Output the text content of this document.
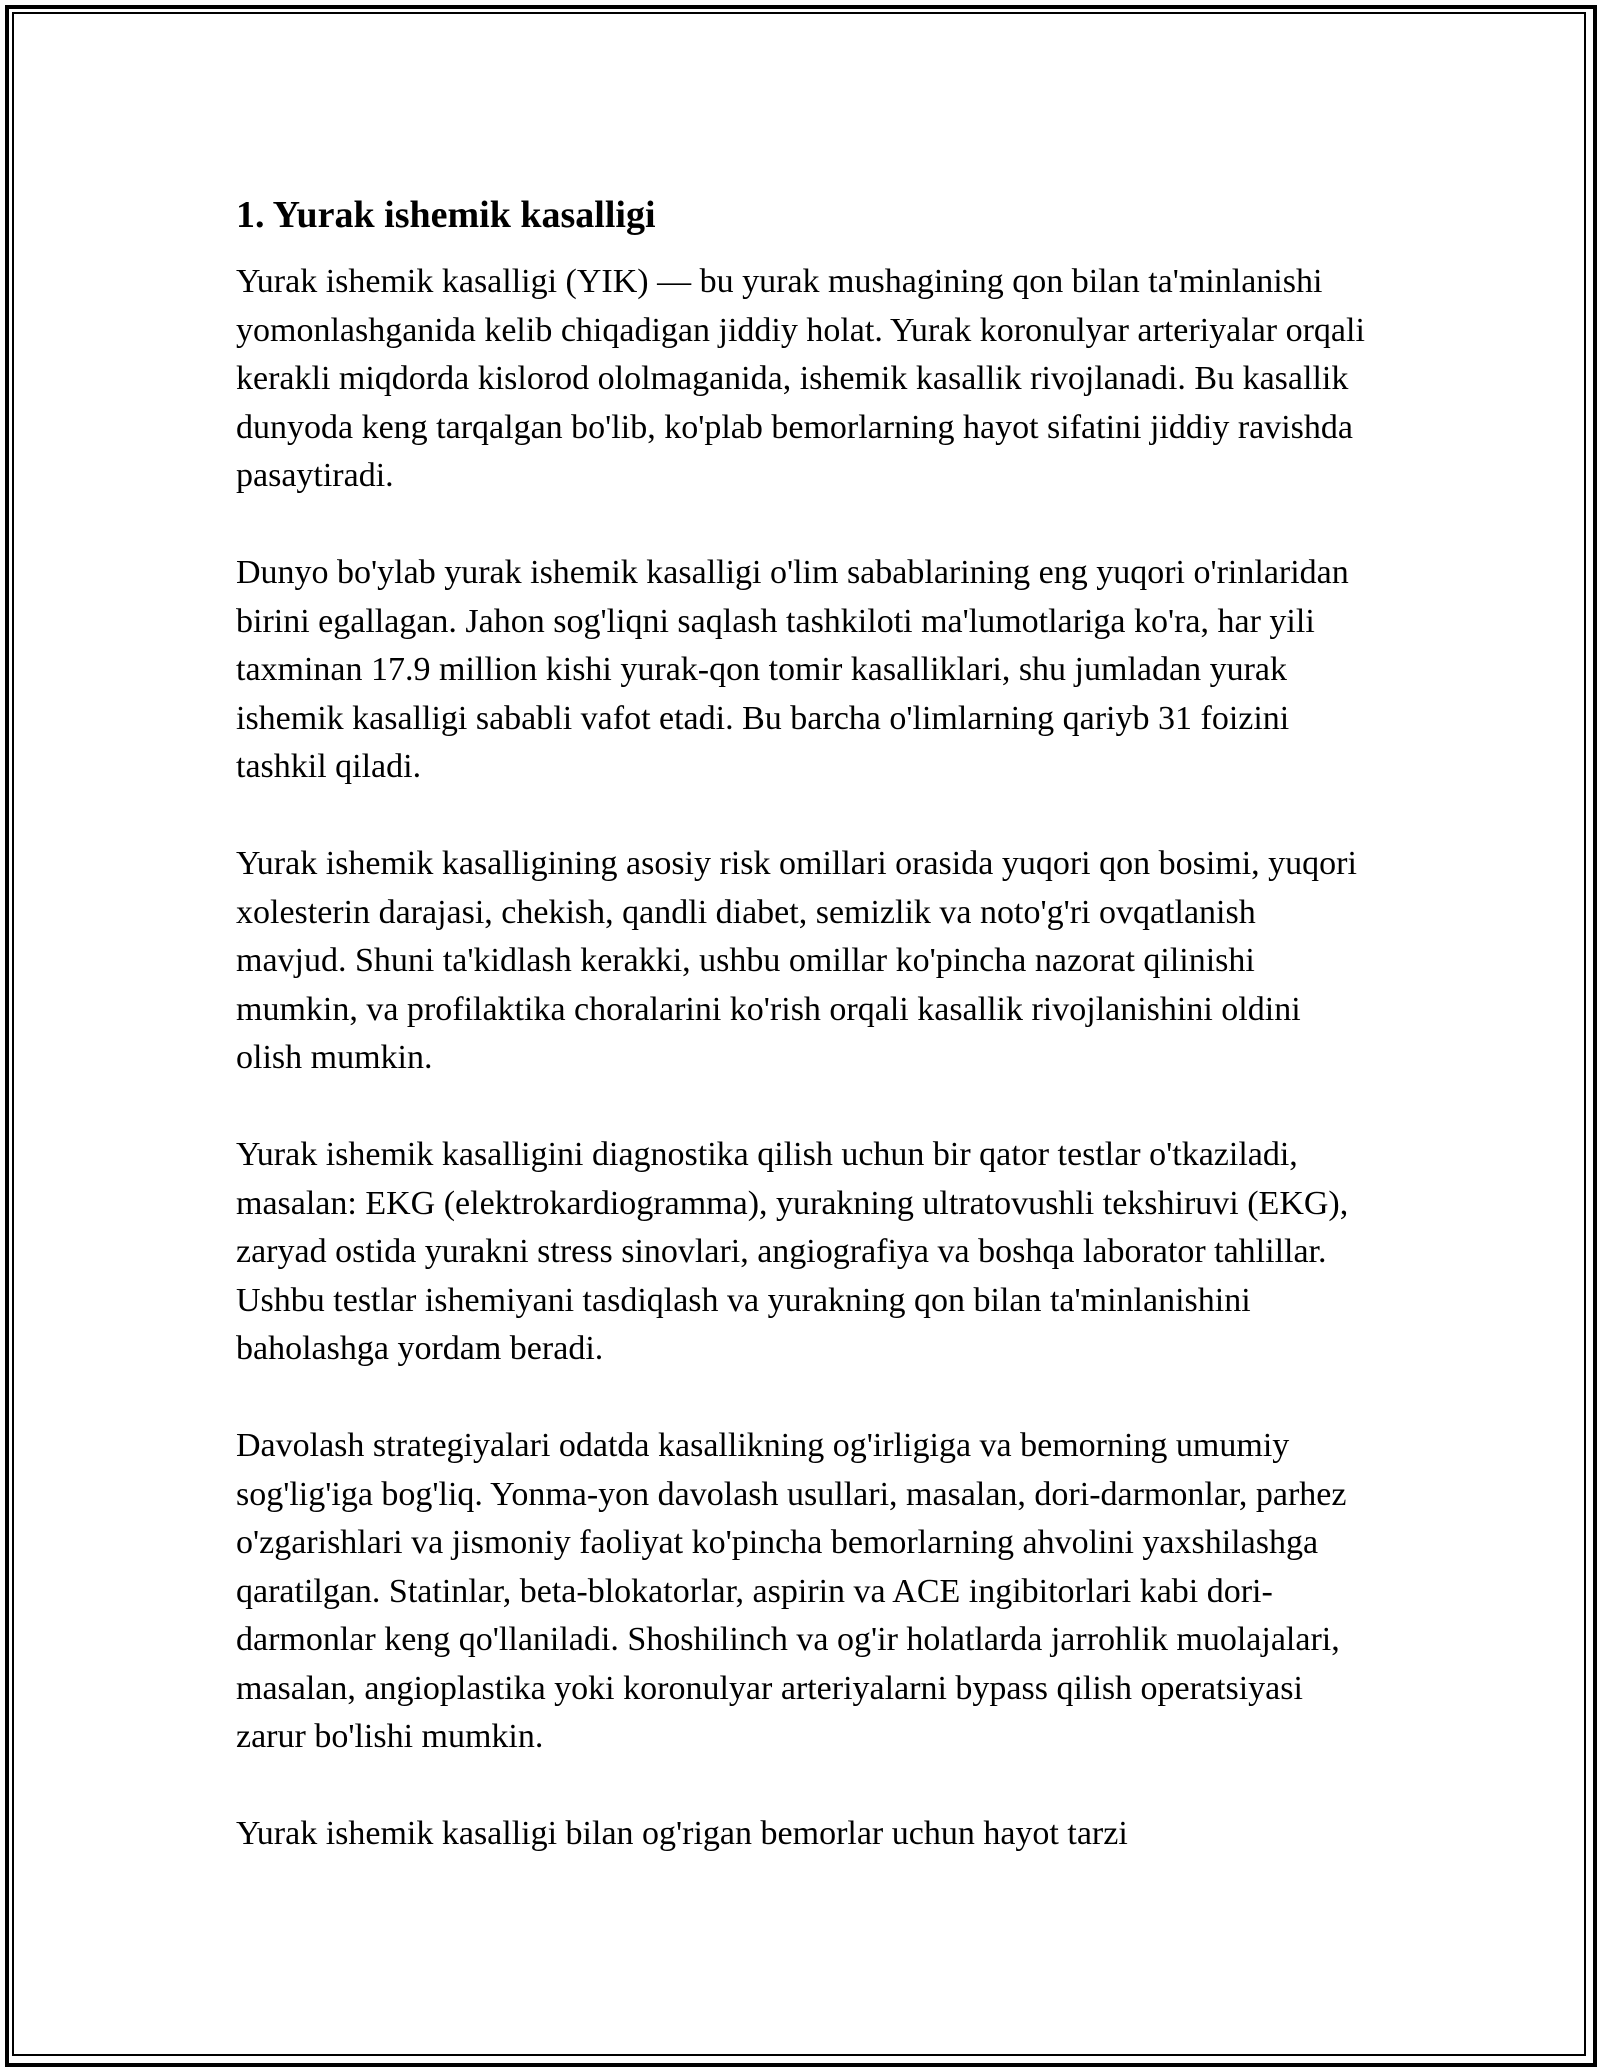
1. Yurak ishemik kasalligi

Yurak ishemik kasalligi (YIK) — bu yurak mushagining qon bilan ta'minlanishi yomonlashganida kelib chiqadigan jiddiy holat. Yurak koronulyar arteriyalar orqali kerakli miqdorda kislorod ololmaganida, ishemik kasallik rivojlanadi. Bu kasallik dunyoda keng tarqalgan bo'lib, ko'plab bemorlarning hayot sifatini jiddiy ravishda pasaytiradi.

Dunyo bo'ylab yurak ishemik kasalligi o'lim sabablarining eng yuqori o'rinlaridan birini egallagan. Jahon sog'liqni saqlash tashkiloti ma'lumotlariga ko'ra, har yili taxminan 17.9 million kishi yurak-qon tomir kasalliklari, shu jumladan yurak ishemik kasalligi sababli vafot etadi. Bu barcha o'limlarning qariyb 31 foizini tashkil qiladi.

Yurak ishemik kasalligining asosiy risk omillari orasida yuqori qon bosimi, yuqori xolesterin darajasi, chekish, qandli diabet, semizlik va noto'g'ri ovqatlanish mavjud. Shuni ta'kidlash kerakki, ushbu omillar ko'pincha nazorat qilinishi mumkin, va profilaktika choralarini ko'rish orqali kasallik rivojlanishini oldini olish mumkin.

Yurak ishemik kasalligini diagnostika qilish uchun bir qator testlar o'tkaziladi, masalan: EKG (elektrokardiogramma), yurakning ultratovushli tekshiruvi (EKG), zaryad ostida yurakni stress sinovlari, angiografiya va boshqa laborator tahlillar. Ushbu testlar ishemiyani tasdiqlash va yurakning qon bilan ta'minlanishini baholashga yordam beradi.

Davolash strategiyalari odatda kasallikning og'irligiga va bemorning umumiy sog'lig'iga bog'liq. Yonma-yon davolash usullari, masalan, dori-darmonlar, parhez o'zgarishlari va jismoniy faoliyat ko'pincha bemorlarning ahvolini yaxshilashga qaratilgan. Statinlar, beta-blokatorlar, aspirin va ACE ingibitorlari kabi dori-darmonlar keng qo'llaniladi. Shoshilinch va og'ir holatlarda jarrohlik muolajalari, masalan, angioplastika yoki koronulyar arteriyalarni bypass qilish operatsiyasi zarur bo'lishi mumkin.

Yurak ishemik kasalligi bilan og'rigan bemorlar uchun hayot tarzi
